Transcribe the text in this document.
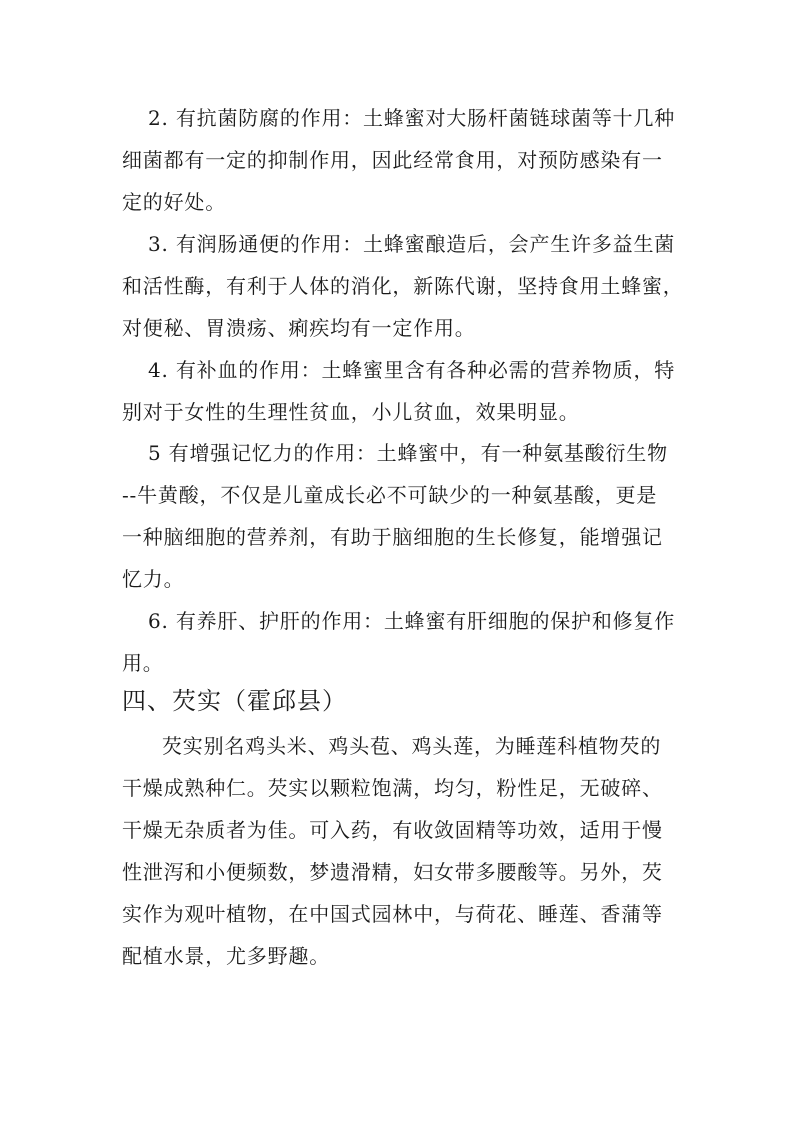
2. 有抗菌防腐的作用：土蜂蜜对大肠杆菌链球菌等十几种
细菌都有一定的抑制作用，因此经常食用，对预防感染有一
定的好处。
3. 有润肠通便的作用：土蜂蜜酿造后，会产生许多益生菌
和活性酶，有利于人体的消化，新陈代谢，坚持食用土蜂蜜，
对便秘、胃溃疡、痢疾均有一定作用。
4. 有补血的作用：土蜂蜜里含有各种必需的营养物质，特
别对于女性的生理性贫血，小儿贫血，效果明显。
5 有增强记忆力的作用：土蜂蜜中，有一种氨基酸衍生物
--牛黄酸，不仅是儿童成长必不可缺少的一种氨基酸，更是
一种脑细胞的营养剂，有助于脑细胞的生长修复，能增强记
忆力。
6. 有养肝、护肝的作用：土蜂蜜有肝细胞的保护和修复作
用。
四、芡实（霍邱县）
芡实别名鸡头米、鸡头苞、鸡头莲，为睡莲科植物芡的
干燥成熟种仁。芡实以颗粒饱满，均匀，粉性足，无破碎、
干燥无杂质者为佳。可入药，有收敛固精等功效，适用于慢
性泄泻和小便频数，梦遗滑精，妇女带多腰酸等。另外，芡
实作为观叶植物，在中国式园林中，与荷花、睡莲、香蒲等
配植水景，尤多野趣。
